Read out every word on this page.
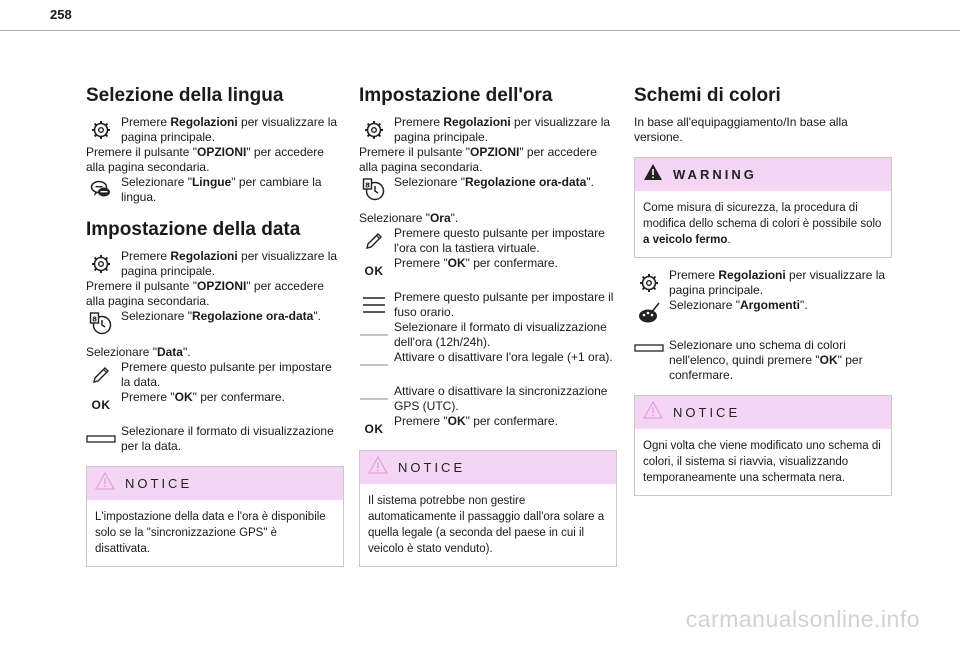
258
Selezione della lingua
Premere Regolazioni per visualizzare la pagina principale.
Premere il pulsante "OPZIONI" per accedere alla pagina secondaria.
Selezionare "Lingue" per cambiare la lingua.
Impostazione della data
Premere Regolazioni per visualizzare la pagina principale.
Premere il pulsante "OPZIONI" per accedere alla pagina secondaria.
8 Selezionare "Regolazione ora-data".
Selezionare "Data".
Premere questo pulsante per impostare la data.
OK
Premere "OK" per confermare.
Selezionare il formato di visualizzazione per la data.
NOTICE
L'impostazione della data e l'ora è disponibile solo se la "sincronizzazione GPS" è disattivata.
Impostazione dell'ora
Premere Regolazioni per visualizzare la pagina principale.
Premere il pulsante "OPZIONI" per accedere alla pagina secondaria.
8 Selezionare "Regolazione ora-data".
Selezionare "Ora".
Premere questo pulsante per impostare l'ora con la tastiera virtuale.
OK
Premere "OK" per confermare.
Premere questo pulsante per impostare il fuso orario.
Selezionare il formato di visualizzazione dell'ora (12h/24h).
Attivare o disattivare l'ora legale (+1 ora).
Attivare o disattivare la sincronizzazione GPS (UTC).
OK
Premere "OK" per confermare.
NOTICE
Il sistema potrebbe non gestire automaticamente il passaggio dall'ora solare a quella legale (a seconda del paese in cui il veicolo è stato venduto).
Schemi di colori
In base all'equipaggiamento/In base alla versione.
WARNING
Come misura di sicurezza, la procedura di modifica dello schema di colori è possibile solo a veicolo fermo.
Premere Regolazioni per visualizzare la pagina principale.
Selezionare "Argomenti".
Selezionare uno schema di colori nell'elenco, quindi premere "OK" per confermare.
NOTICE
Ogni volta che viene modificato uno schema di colori, il sistema si riavvia, visualizzando temporaneamente una schermata nera.
carmanualsonline.info
